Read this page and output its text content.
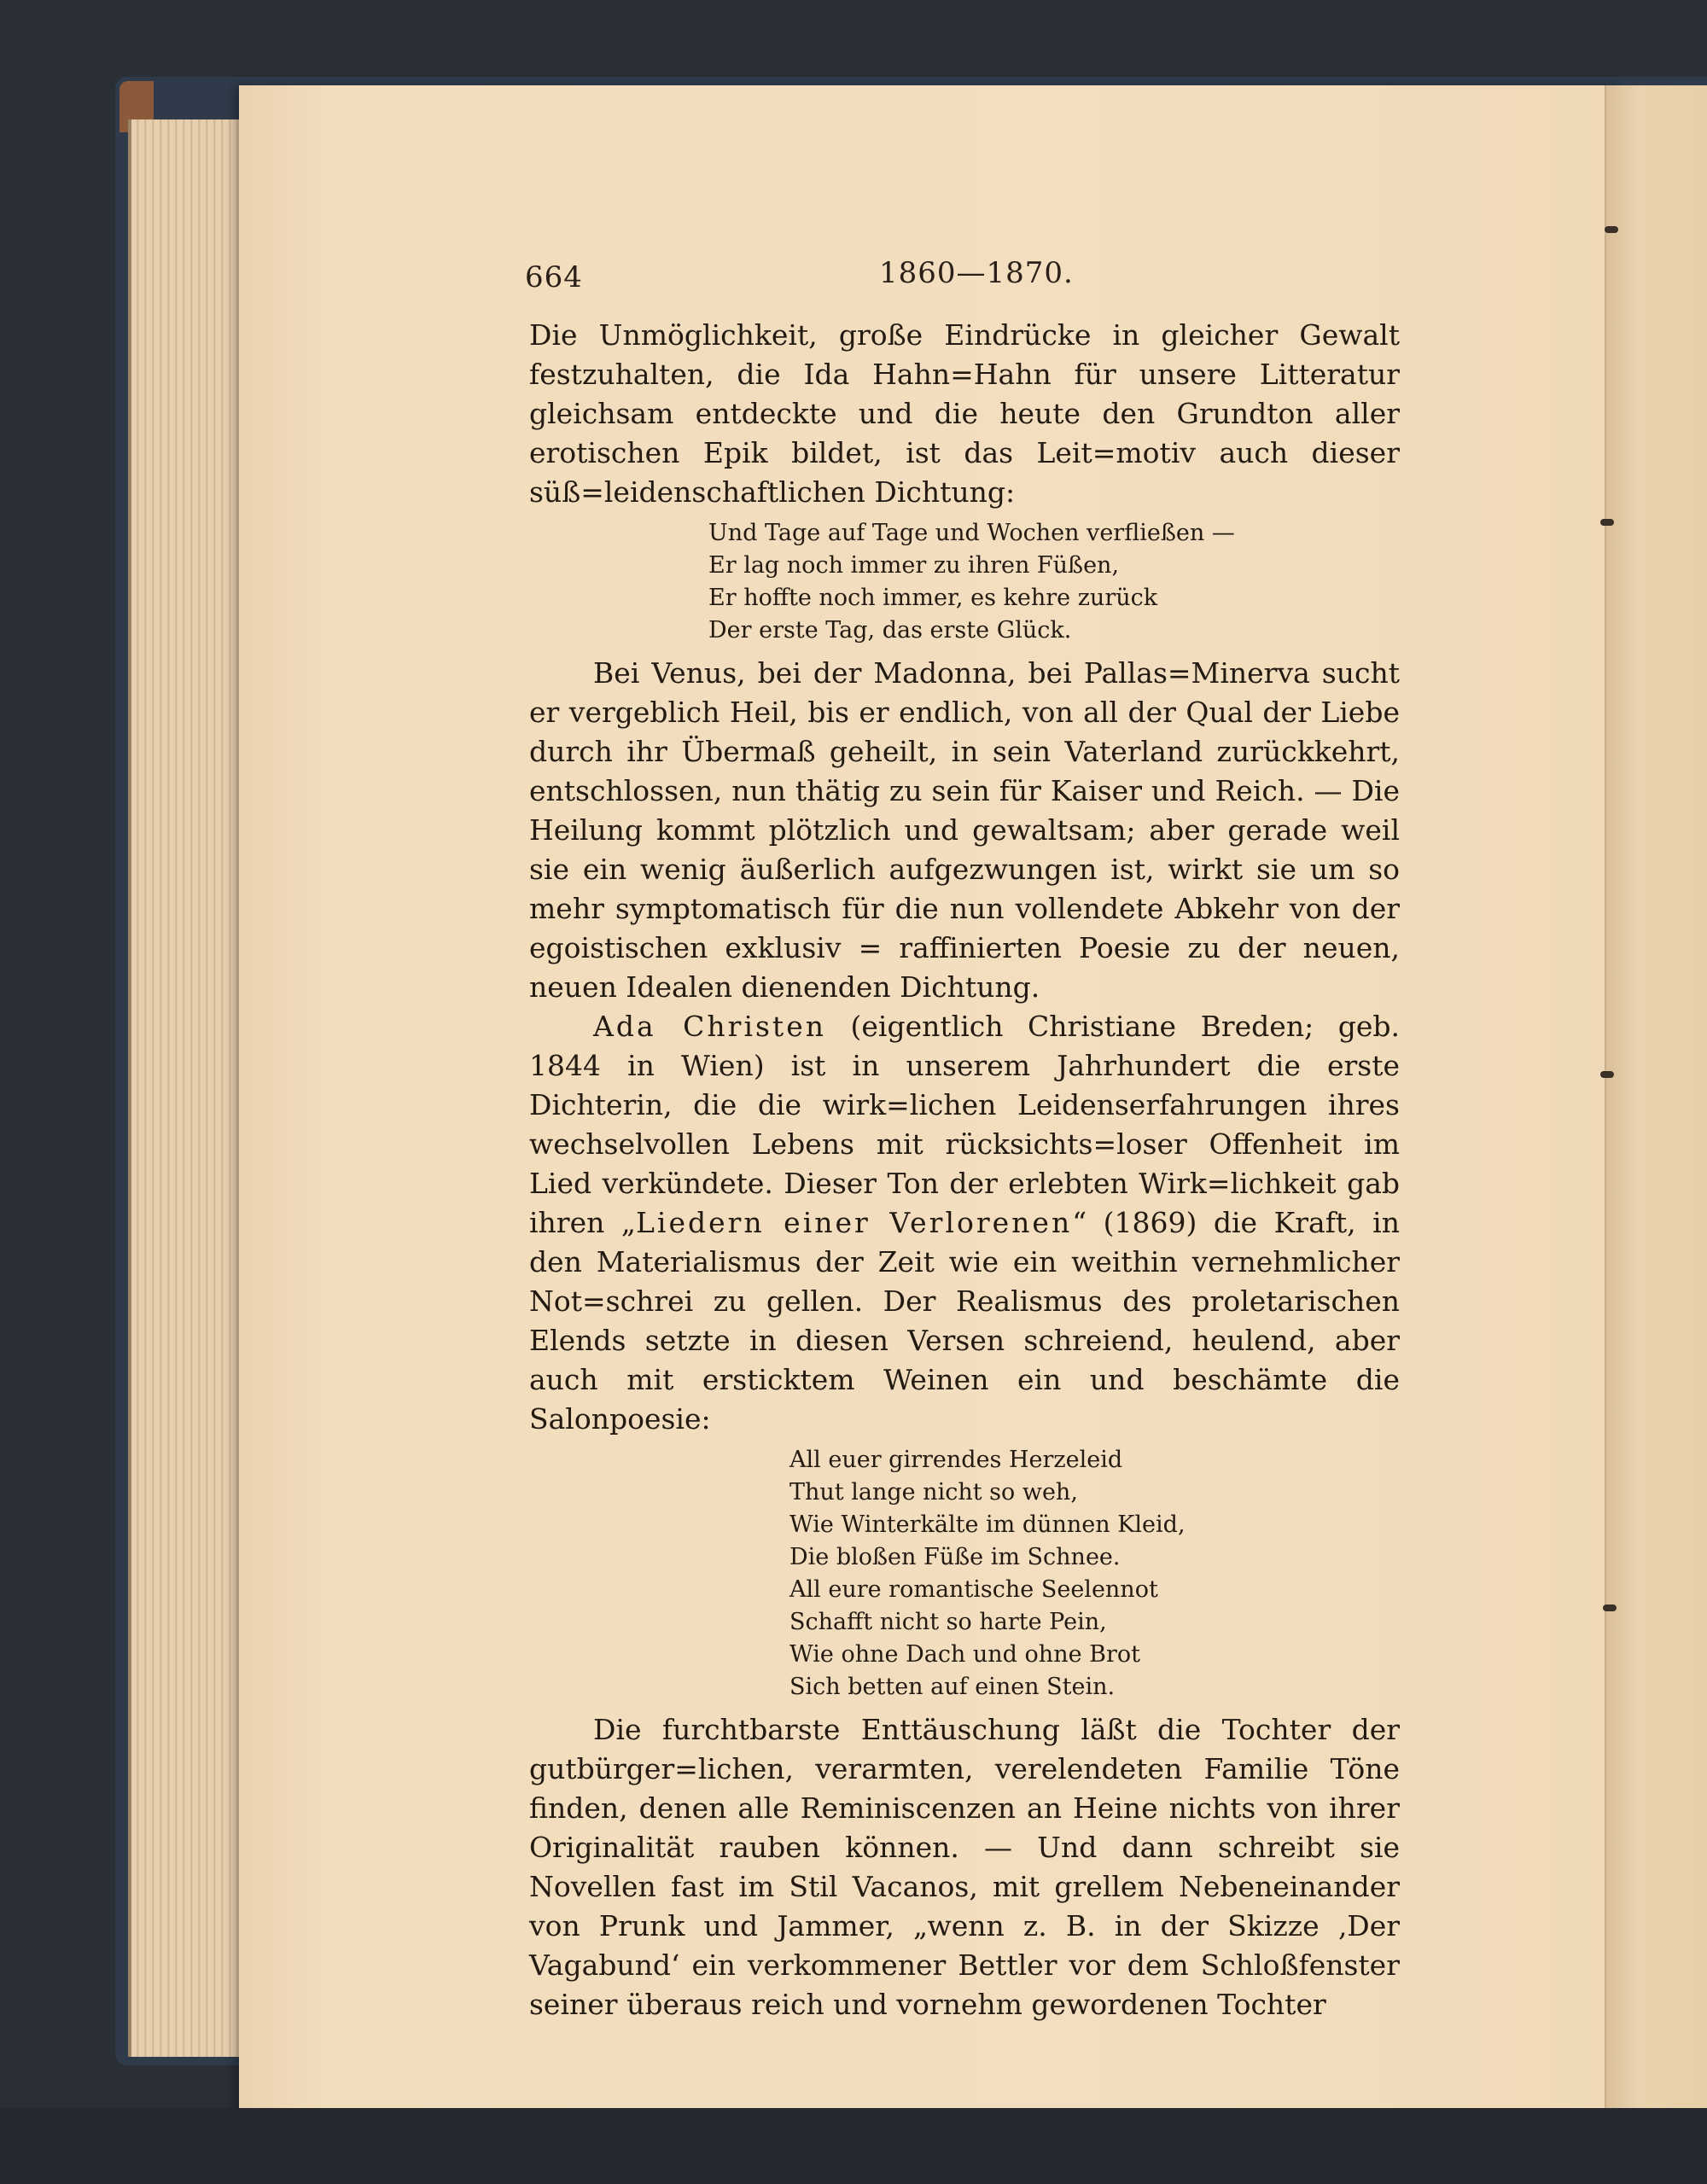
664	1860—1870.

Die Unmöglichkeit, große Eindrücke in gleicher Gewalt festzuhalten, die Ida Hahn=Hahn für unsere Litteratur gleichsam entdeckte und die heute den Grundton aller erotischen Epik bildet, ist das Leit=motiv auch dieser süß=leidenschaftlichen Dichtung:

Und Tage auf Tage und Wochen verfließen —
Er lag noch immer zu ihren Füßen,
Er hoffte noch immer, es kehre zurück
Der erste Tag, das erste Glück.

Bei Venus, bei der Madonna, bei Pallas=Minerva sucht er vergeblich Heil, bis er endlich, von all der Qual der Liebe durch ihr Übermaß geheilt, in sein Vaterland zurückkehrt, entschlossen, nun thätig zu sein für Kaiser und Reich. — Die Heilung kommt plötzlich und gewaltsam; aber gerade weil sie ein wenig äußerlich aufgezwungen ist, wirkt sie um so mehr symptomatisch für die nun vollendete Abkehr von der egoistischen exklusiv = raffinierten Poesie zu der neuen, neuen Idealen dienenden Dichtung.

Ada Christen (eigentlich Christiane Breden; geb. 1844 in Wien) ist in unserem Jahrhundert die erste Dichterin, die die wirk=lichen Leidenserfahrungen ihres wechselvollen Lebens mit rücksichts=loser Offenheit im Lied verkündete. Dieser Ton der erlebten Wirk=lichkeit gab ihren „Liedern einer Verlorenen“ (1869) die Kraft, in den Materialismus der Zeit wie ein weithin vernehmlicher Not=schrei zu gellen. Der Realismus des proletarischen Elends setzte in diesen Versen schreiend, heulend, aber auch mit ersticktem Weinen ein und beschämte die Salonpoesie:

All euer girrendes Herzeleid
Thut lange nicht so weh,
Wie Winterkälte im dünnen Kleid,
Die bloßen Füße im Schnee.
All eure romantische Seelennot
Schafft nicht so harte Pein,
Wie ohne Dach und ohne Brot
Sich betten auf einen Stein.

Die furchtbarste Enttäuschung läßt die Tochter der gutbürger=lichen, verarmten, verelendeten Familie Töne finden, denen alle Reminiscenzen an Heine nichts von ihrer Originalität rauben können. — Und dann schreibt sie Novellen fast im Stil Vacanos, mit grellem Nebeneinander von Prunk und Jammer, „wenn z. B. in der Skizze ‚Der Vagabund‘ ein verkommener Bettler vor dem Schloßfenster seiner überaus reich und vornehm gewordenen Tochter
